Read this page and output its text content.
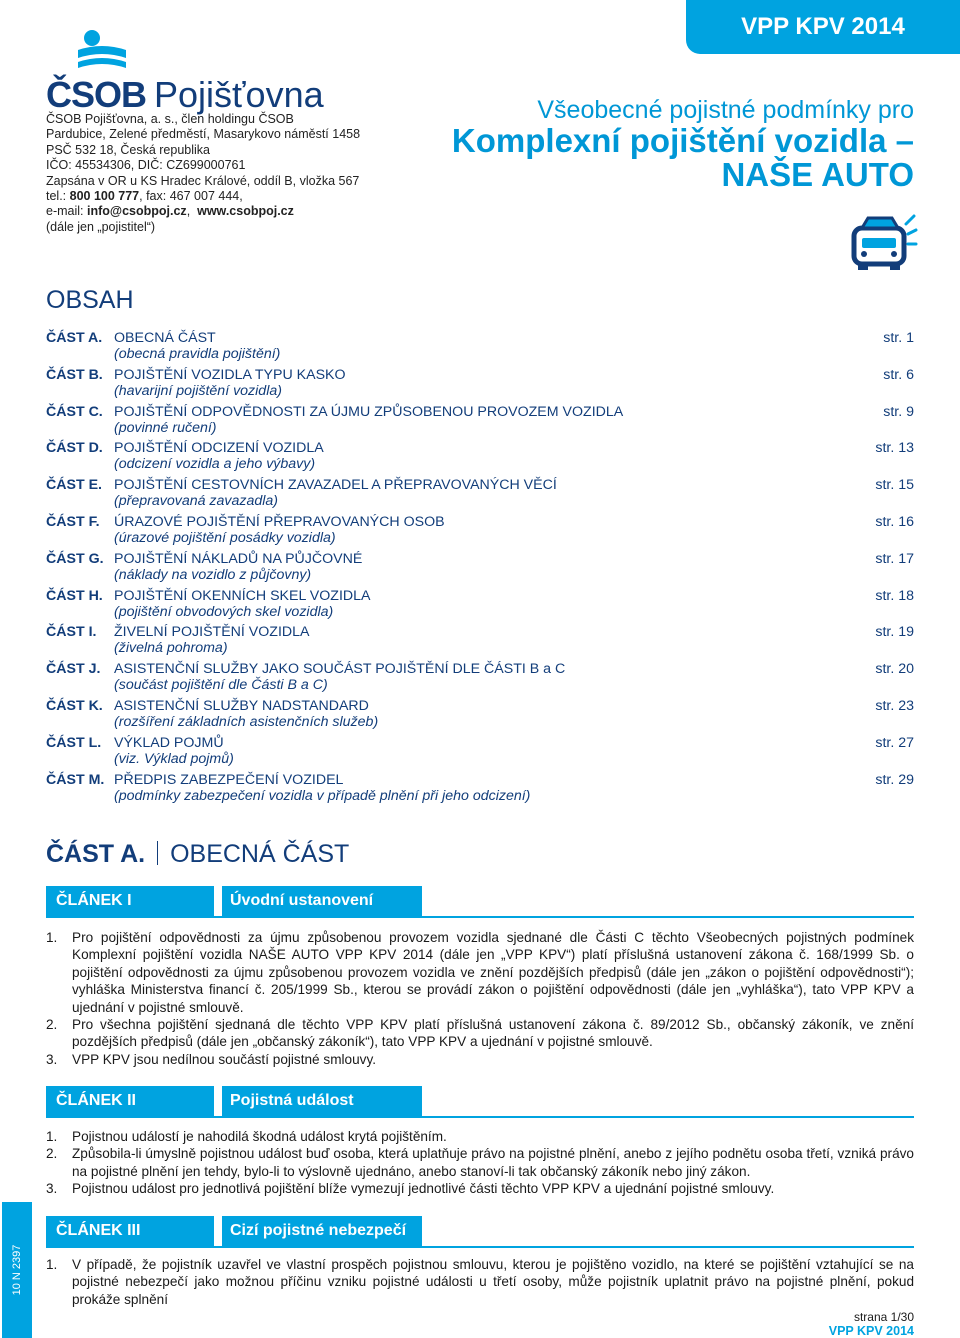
ČSOB Pojišťovna
ČSOB Pojišťovna, a. s., člen holdingu ČSOB
Pardubice, Zelené předměstí, Masarykovo náměstí 1458
PSČ 532 18, Česká republika
IČO: 45534306, DIČ: CZ699000761
Zapsána v OR u KS Hradec Králové, oddíl B, vložka 567
tel.: 800 100 777, fax: 467 007 444,
e-mail: info@csobpoj.cz,  www.csobpoj.cz
(dále jen „pojistitel“)
VPP KPV 2014
Všeobecné pojistné podmínky pro
Komplexní pojištění vozidla –
NAŠE AUTO
OBSAH
ČÁST A. OBECNÁ ČÁST
(obecná pravidla pojištění)
str. 1
ČÁST B. POJIŠTĚNÍ VOZIDLA TYPU KASKO
(havarijní pojištění vozidla)
str. 6
ČÁST C. POJIŠTĚNÍ ODPOVĚDNOSTI ZA ÚJMU ZPŮSOBENOU PROVOZEM VOZIDLA
(povinné ručení)
str. 9
ČÁST D. POJIŠTĚNÍ ODCIZENÍ VOZIDLA
(odcizení vozidla a jeho výbavy)
str. 13
ČÁST E. POJIŠTĚNÍ CESTOVNÍCH ZAVAZADEL A PŘEPRAVOVANÝCH VĚCÍ
(přepravovaná zavazadla)
str. 15
ČÁST F. ÚRAZOVÉ POJIŠTĚNÍ PŘEPRAVOVANÝCH OSOB
(úrazové pojištění posádky vozidla)
str. 16
ČÁST G. POJIŠTĚNÍ NÁKLADŮ NA PŮJČOVNÉ
(náklady na vozidlo z půjčovny)
str. 17
ČÁST H. POJIŠTĚNÍ OKENNÍCH SKEL VOZIDLA
(pojištění obvodových skel vozidla)
str. 18
ČÁST I. ŽIVELNÍ POJIŠTĚNÍ VOZIDLA
(živelná pohroma)
str. 19
ČÁST J. ASISTENČNÍ SLUŽBY JAKO SOUČÁST POJIŠTĚNÍ DLE ČÁSTI B a C
(součást pojištění dle Části B a C)
str. 20
ČÁST K. ASISTENČNÍ SLUŽBY NADSTANDARD
(rozšíření základních asistenčních služeb)
str. 23
ČÁST L. VÝKLAD POJMŮ
(viz. Výklad pojmů)
str. 27
ČÁST M. PŘEDPIS ZABEZPEČENÍ VOZIDEL
(podmínky zabezpečení vozidla v případě plnění při jeho odcizení)
str. 29
ČÁST A. OBECNÁ ČÁST
ČLÁNEK I	Úvodní ustanovení
1. Pro pojištění odpovědnosti za újmu způsobenou provozem vozidla sjednané dle Části C těchto Všeobecných pojistných podmínek Komplexní pojištění vozidla NAŠE AUTO VPP KPV 2014 (dále jen „VPP KPV“) platí příslušná ustanovení zákona č. 168/1999 Sb. o pojištění odpovědnosti za újmu způsobenou provozem vozidla ve znění pozdějších předpisů (dále jen „zákon o pojištění odpovědnosti“); vyhláška Ministerstva financí č. 205/1999 Sb., kterou se provádí zákon o pojištění odpovědnosti (dále jen „vyhláška“), tato VPP KPV a ujednání v pojistné smlouvě.
2. Pro všechna pojištění sjednaná dle těchto VPP KPV platí příslušná ustanovení zákona č. 89/2012 Sb., občanský zákoník, ve znění pozdějších předpisů (dále jen „občanský zákoník“), tato VPP KPV a ujednání v pojistné smlouvě.
3. VPP KPV jsou nedílnou součástí pojistné smlouvy.
ČLÁNEK II	Pojistná událost
1. Pojistnou událostí je nahodilá škodná událost krytá pojištěním.
2. Způsobila-li úmyslně pojistnou událost buď osoba, která uplatňuje právo na pojistné plnění, anebo z jejího podnětu osoba třetí, vzniká právo na pojistné plnění jen tehdy, bylo-li to výslovně ujednáno, anebo stanoví-li tak občanský zákoník nebo jiný zákon.
3. Pojistnou událost pro jednotlivá pojištění blíže vymezují jednotlivé části těchto VPP KPV a ujednání pojistné smlouvy.
ČLÁNEK III	Cizí pojistné nebezpečí
1. V případě, že pojistník uzavřel ve vlastní prospěch pojistnou smlouvu, kterou je pojištěno vozidlo, na které se pojištění vztahující se na pojistné nebezpečí jako možnou příčinu vzniku pojistné události u třetí osoby, může pojistník uplatnit právo na pojistné plnění, pokud prokáže splnění
10 N 2397
strana 1/30
VPP KPV 2014
